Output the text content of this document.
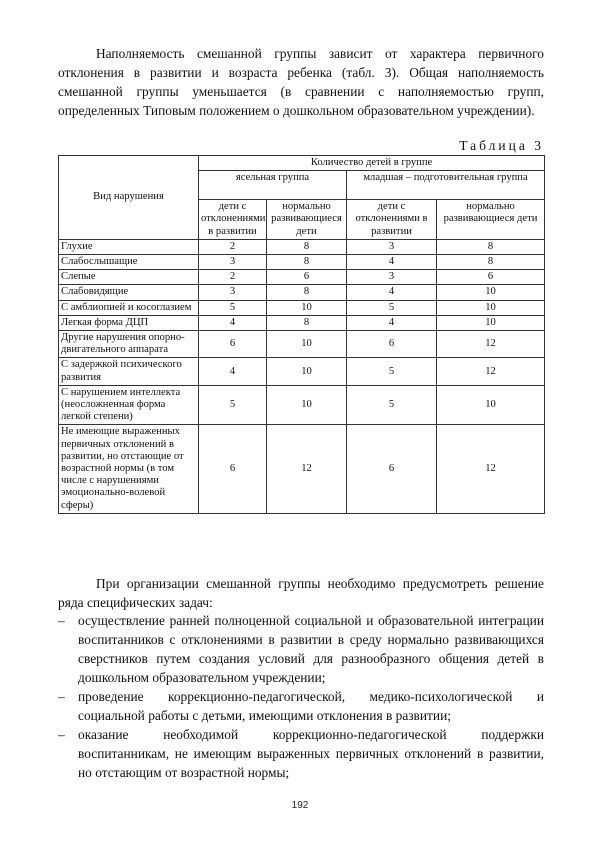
Наполняемость смешанной группы зависит от характера первичного отклонения в развитии и возраста ребенка (табл. 3). Общая наполняемость смешанной группы уменьшается (в сравнении с наполняемостью групп, определенных Типовым положением о дошкольном образовательном учреждении).

Таблица 3
Вид нарушения	Количество детей в группе			
	ясельная группа		младшая – подготовительная группа	
	дети с отклонениями в развитии	нормально развивающиеся дети	дети с отклонениями в развитии	нормально развивающиеся дети
Глухие	2	8	3	8
Слабослышащие	3	8	4	8
Слепые	2	6	3	6
Слабовидящие	3	8	4	10
С амблиопией и косоглазием	5	10	5	10
Легкая форма ДЦП	4	8	4	10
Другие нарушения опорно-двигательного аппарата	6	10	6	12
С задержкой психического развития	4	10	5	12
С нарушением интеллекта (неосложненная форма легкой степени)	5	10	5	10
Не имеющие выраженных первичных отклонений в развитии, но отстающие от возрастной нормы (в том числе с нарушениями эмоционально-волевой сферы)	6	12	6	12

При организации смешанной группы необходимо предусмотреть решение ряда специфических задач:

– осуществление ранней полноценной социальной и образовательной интеграции воспитанников с отклонениями в развитии в среду нормально развивающихся сверстников путем создания условий для разнообразного общения детей в дошкольном образовательном учреждении;
– проведение коррекционно-педагогической, медико-психологической и социальной работы с детьми, имеющими отклонения в развитии;
– оказание необходимой коррекционно-педагогической поддержки воспитанникам, не имеющим выраженных первичных отклонений в развитии, но отстающим от возрастной нормы;
192
